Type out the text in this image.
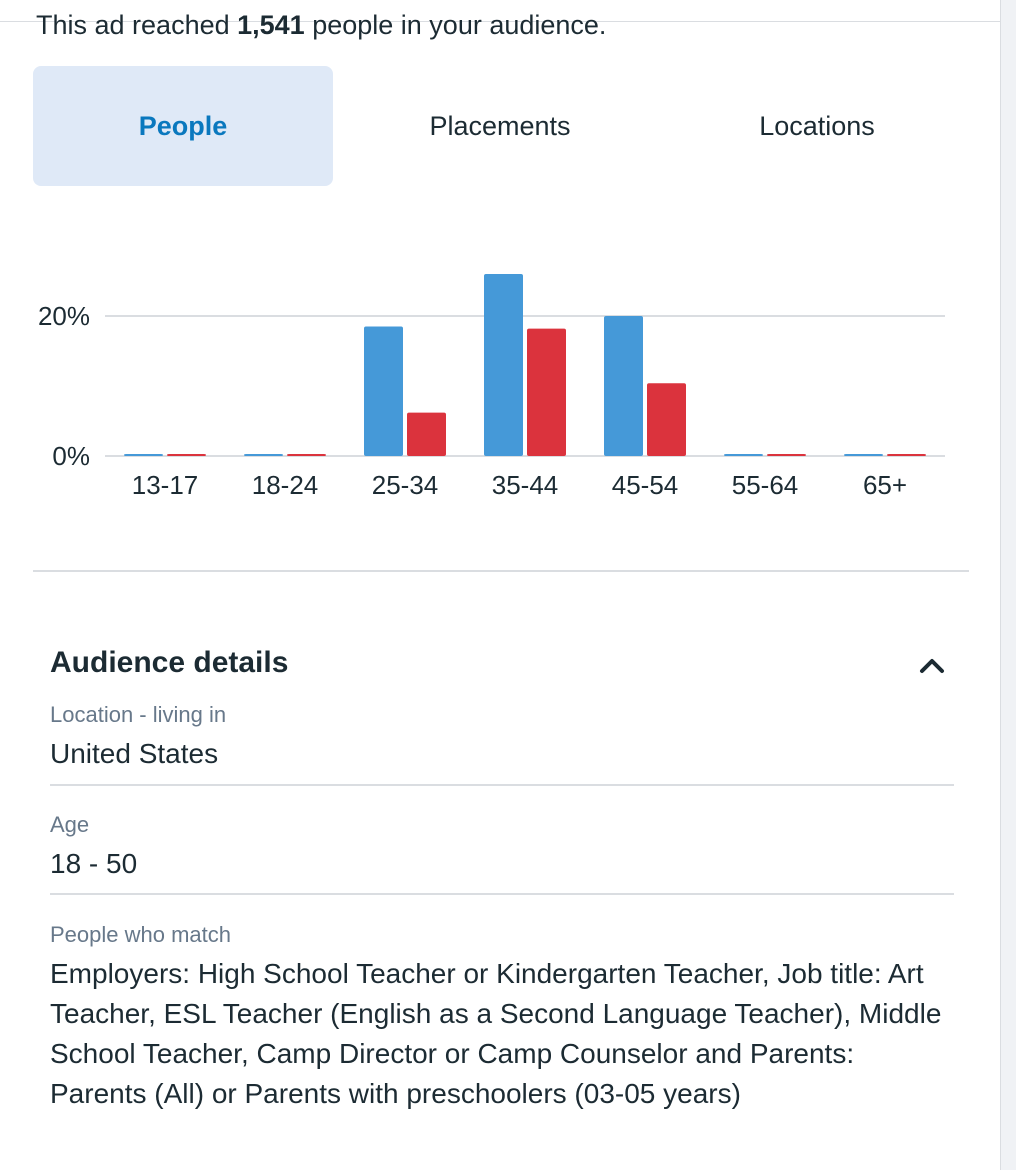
This ad reached 1,541 people in your audience.
People	Placements	Locations
0%
20%
13-17 18-24 25-34 35-44 45-54 55-64 65+
Audience details
Location - living in
United States
Age
18 - 50
People who match
Employers: High School Teacher or Kindergarten Teacher, Job title: Art Teacher, ESL Teacher (English as a Second Language Teacher), Middle School Teacher, Camp Director or Camp Counselor and Parents: Parents (All) or Parents with preschoolers (03-05 years)
